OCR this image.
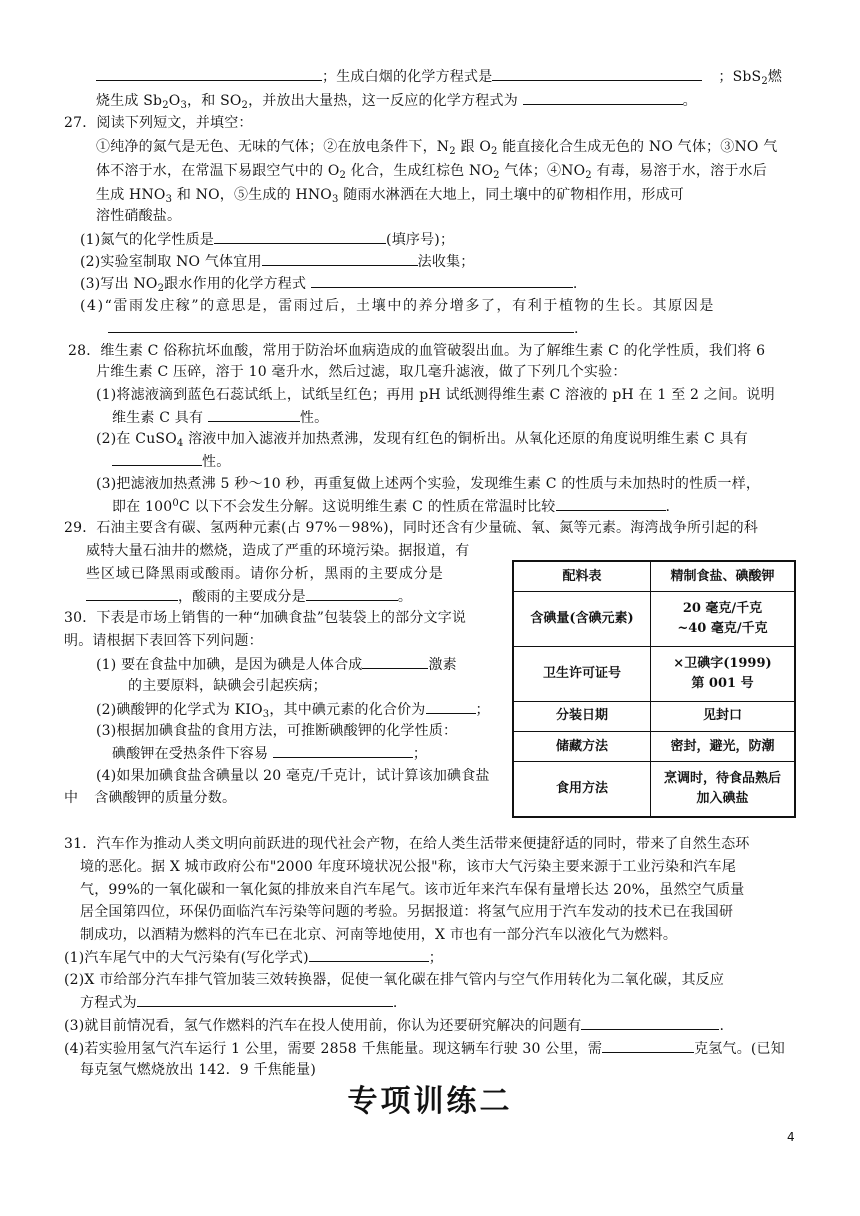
；生成白烟的化学方程式是	；SbS$_2$燃
烧生成 $Sb_2O_3$，和 $SO_2$，并放出大量热，这一反应的化学方程式为	。
27．阅读下列短文，并填空：
①纯净的氮气是无色、无味的气体；②在放电条件下，$N_2$ 跟 $O_2$ 能直接化合生成无色的 NO 气体；③NO 气
体不溶于水，在常温下易跟空气中的 $O_2$ 化合，生成红棕色 $NO_2$ 气体；$④NO_2$ 有毒，易溶于水，溶于水后
生成 $HNO_3$ 和 NO，⑤生成的 $HNO_3$ 随雨水淋洒在大地上，同土壤中的矿物相作用，形成可
溶性硝酸盐。
(1)氮气的化学性质是	(填序号)；
(2)实验室制取 NO 气体宜用	法收集；
(3)写出 $NO_2$跟水作用的化学方程式	.
(4)“雷雨发庄稼”的意思是，雷雨过后，土壤中的养分增多了，有利于植物的生长。其原因是
.
28．维生素 C 俗称抗坏血酸，常用于防治坏血病造成的血管破裂出血。为了解维生素 C 的化学性质，我们将 6
片维生素 C 压碎，溶于 10 毫升水，然后过滤，取几毫升滤液，做了下列几个实验：
(1)将滤液滴到蓝色石蕊试纸上，试纸呈红色；再用 pH 试纸测得维生素 C 溶液的 pH 在 1 至 2 之间。说明
维生素 C 具有	性。
(2)在 CuSO$_4$ 溶液中加入滤液并加热煮沸，发现有红色的铜析出。从氧化还原的角度说明维生素 C 具有
性。
(3)把滤液加热煮沸 5 秒～10 秒，再重复做上述两个实验，发现维生素 C 的性质与未加热时的性质一样，
即在 $100^0C$ 以下不会发生分解。这说明维生素 C 的性质在常温时比较	.
29．石油主要含有碳、氢两种元素(占 97%－98%)，同时还含有少量硫、氧、氮等元素。海湾战争所引起的科
威特大量石油井的燃烧，造成了严重的环境污染。据报道，有
些区域已降黑雨或酸雨。请你分析，黑雨的主要成分是
，酸雨的主要成分是	。
30．下表是市场上销售的一种“加碘食盐”包装袋上的部分文字说
明。请根据下表回答下列问题：
(1) 要在食盐中加碘，是因为碘是人体合成	激素
的主要原料，缺碘会引起疾病；
(2)碘酸钾的化学式为 $KIO_3$，其中碘元素的化合价为	；
(3)根据加碘食盐的食用方法，可推断碘酸钾的化学性质：
碘酸钾在受热条件下容易	；
(4)如果加碘食盐含碘量以 20 毫克/千克计，试计算该加碘食盐
中 含碘酸钾的质量分数。
配料表	精制食盐、碘酸钾

含碘量(含碘元素)	20 毫克/千克
~40 毫克/千克

卫生许可证号	×卫碘字(1999)
第 001 号

分装日期	见封口

储藏方法	密封，避光，防潮

食用方法	烹调时，待食品熟后
加入碘盐
31．汽车作为推动人类文明向前跃进的现代社会产物，在给人类生活带来便捷舒适的同时，带来了自然生态环
境的恶化。据 X 城市政府公布"2000 年度环境状况公报"称，该市大气污染主要来源于工业污染和汽车尾
气，99%的一氧化碳和一氧化氮的排放来自汽车尾气。该市近年来汽车保有量增长达 20%，虽然空气质量
居全国第四位，环保仍面临汽车污染等问题的考验。另据报道：将氢气应用于汽车发动的技术已在我国研
制成功，以酒精为燃料的汽车已在北京、河南等地使用，X 市也有一部分汽车以液化气为燃料。
(1)汽车尾气中的大气污染有(写化学式)	；
(2)X 市给部分汽车排气管加装三效转换器，促使一氧化碳在排气管内与空气作用转化为二氧化碳，其反应
方程式为	.
(3)就目前情况看，氢气作燃料的汽车在投人使用前，你认为还要研究解决的问题有	.
(4)若实验用氢气汽车运行 1 公里，需要 2858 千焦能量。现这辆车行驶 30 公里，需	克氢气。(已知
每克氢气燃烧放出 142．9 千焦能量)
专项训练二
4
